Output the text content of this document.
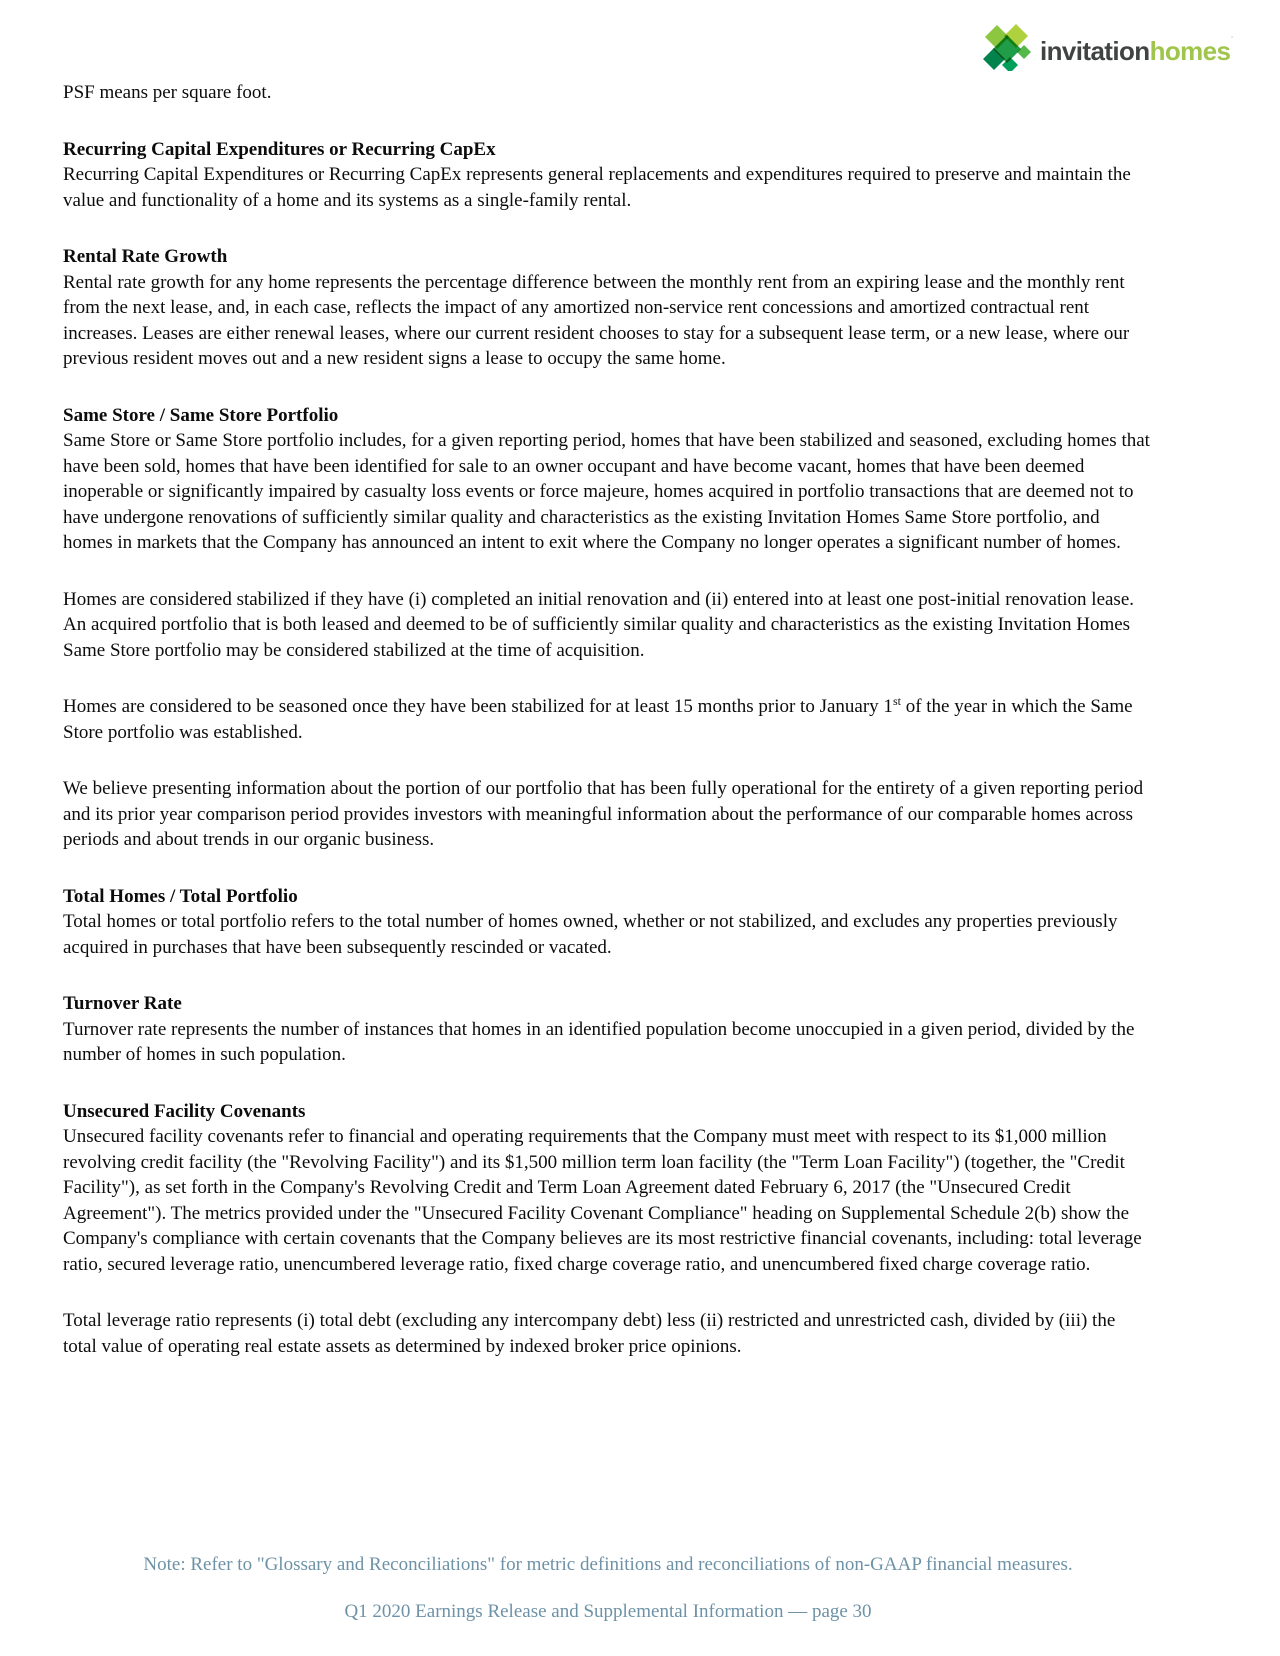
invitationhomes˙

PSF means per square foot.

Recurring Capital Expenditures or Recurring CapEx

Recurring Capital Expenditures or Recurring CapEx represents general replacements and expenditures required to preserve and maintain the value and functionality of a home and its systems as a single-family rental.

Rental Rate Growth

Rental rate growth for any home represents the percentage difference between the monthly rent from an expiring lease and the monthly rent from the next lease, and, in each case, reflects the impact of any amortized non-service rent concessions and amortized contractual rent increases. Leases are either renewal leases, where our current resident chooses to stay for a subsequent lease term, or a new lease, where our previous resident moves out and a new resident signs a lease to occupy the same home.

Same Store / Same Store Portfolio

Same Store or Same Store portfolio includes, for a given reporting period, homes that have been stabilized and seasoned, excluding homes that have been sold, homes that have been identified for sale to an owner occupant and have become vacant, homes that have been deemed inoperable or significantly impaired by casualty loss events or force majeure, homes acquired in portfolio transactions that are deemed not to have undergone renovations of sufficiently similar quality and characteristics as the existing Invitation Homes Same Store portfolio, and homes in markets that the Company has announced an intent to exit where the Company no longer operates a significant number of homes.

Homes are considered stabilized if they have (i) completed an initial renovation and (ii) entered into at least one post-initial renovation lease. An acquired portfolio that is both leased and deemed to be of sufficiently similar quality and characteristics as the existing Invitation Homes Same Store portfolio may be considered stabilized at the time of acquisition.

Homes are considered to be seasoned once they have been stabilized for at least 15 months prior to January 1st of the year in which the Same Store portfolio was established.

We believe presenting information about the portion of our portfolio that has been fully operational for the entirety of a given reporting period and its prior year comparison period provides investors with meaningful information about the performance of our comparable homes across periods and about trends in our organic business.

Total Homes / Total Portfolio

Total homes or total portfolio refers to the total number of homes owned, whether or not stabilized, and excludes any properties previously acquired in purchases that have been subsequently rescinded or vacated.

Turnover Rate

Turnover rate represents the number of instances that homes in an identified population become unoccupied in a given period, divided by the number of homes in such population.

Unsecured Facility Covenants

Unsecured facility covenants refer to financial and operating requirements that the Company must meet with respect to its $1,000 million revolving credit facility (the "Revolving Facility") and its $1,500 million term loan facility (the "Term Loan Facility") (together, the "Credit Facility"), as set forth in the Company's Revolving Credit and Term Loan Agreement dated February 6, 2017 (the "Unsecured Credit Agreement"). The metrics provided under the "Unsecured Facility Covenant Compliance" heading on Supplemental Schedule 2(b) show the Company's compliance with certain covenants that the Company believes are its most restrictive financial covenants, including: total leverage ratio, secured leverage ratio, unencumbered leverage ratio, fixed charge coverage ratio, and unencumbered fixed charge coverage ratio.

Total leverage ratio represents (i) total debt (excluding any intercompany debt) less (ii) restricted and unrestricted cash, divided by (iii) the total value of operating real estate assets as determined by indexed broker price opinions.

Note: Refer to "Glossary and Reconciliations" for metric definitions and reconciliations of non-GAAP financial measures.
Q1 2020 Earnings Release and Supplemental Information — page 30
